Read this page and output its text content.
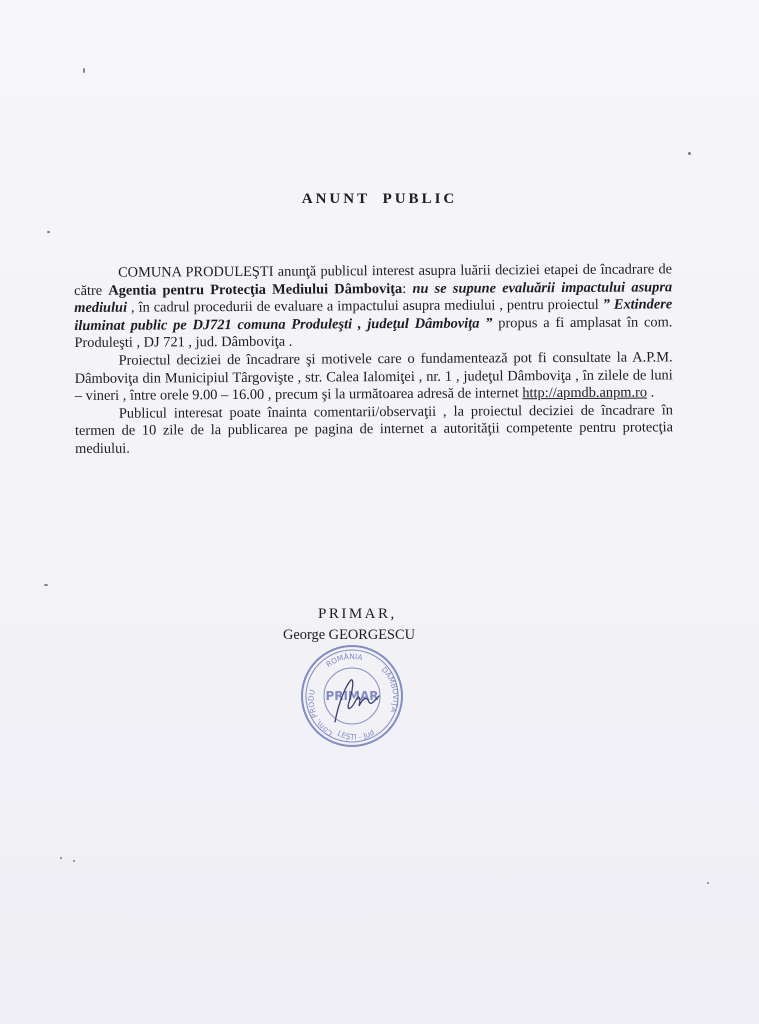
ANUNT PUBLIC

COMUNA PRODULEŞTI anunţă publicul interest asupra luării deciziei etapei de încadrare de către Agentia pentru Protecţia Mediului Dâmboviţa: nu se supune evaluării impactului asupra mediului , în cadrul procedurii de evaluare a impactului asupra mediului , pentru proiectul ” Extindere iluminat public pe DJ721 comuna Produleşti , judeţul Dâmboviţa ” propus a fi amplasat în com. Produleşti , DJ 721 , jud. Dâmboviţa .

Proiectul deciziei de încadrare şi motivele care o fundamentează pot fi consultate la A.P.M. Dâmboviţa din Municipiul Târgovişte , str. Calea Ialomiţei , nr. 1 , judeţul Dâmboviţa , în zilele de luni – vineri , între orele 9.00 – 16.00 , precum şi la următoarea adresă de internet http://apmdb.anpm.ro .

Publicul interesat poate înainta comentarii/observaţii , la proiectul deciziei de încadrare în termen de 10 zile de la publicarea pe pagina de internet a autorităţii competente pentru protecţia mediului.

PRIMAR,
George GEORGESCU
ROMÂNIA
Com. PRODU
LEŞTI - Jud
DÂMBOVIŢA
PRIMAR
